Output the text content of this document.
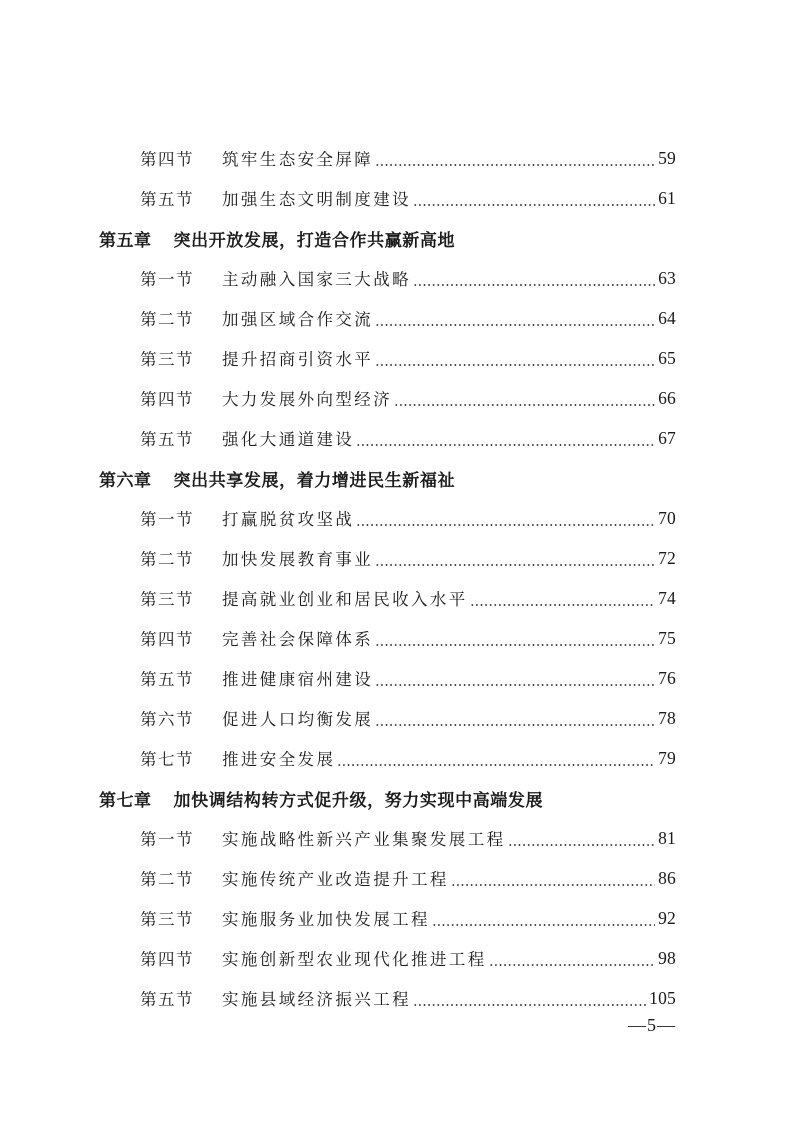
第四节	筑牢生态安全屏障	59
第五节	加强生态文明制度建设	61
第五章 突出开放发展，打造合作共赢新高地
第一节	主动融入国家三大战略	63
第二节	加强区域合作交流	64
第三节	提升招商引资水平	65
第四节	大力发展外向型经济	66
第五节	强化大通道建设	67
第六章 突出共享发展，着力增进民生新福祉
第一节	打赢脱贫攻坚战	70
第二节	加快发展教育事业	72
第三节	提高就业创业和居民收入水平	74
第四节	完善社会保障体系	75
第五节	推进健康宿州建设	76
第六节	促进人口均衡发展	78
第七节	推进安全发展	79
第七章 加快调结构转方式促升级，努力实现中高端发展
第一节	实施战略性新兴产业集聚发展工程	81
第二节	实施传统产业改造提升工程	86
第三节	实施服务业加快发展工程	92
第四节	实施创新型农业现代化推进工程	98
第五节	实施县域经济振兴工程	105
—5—
